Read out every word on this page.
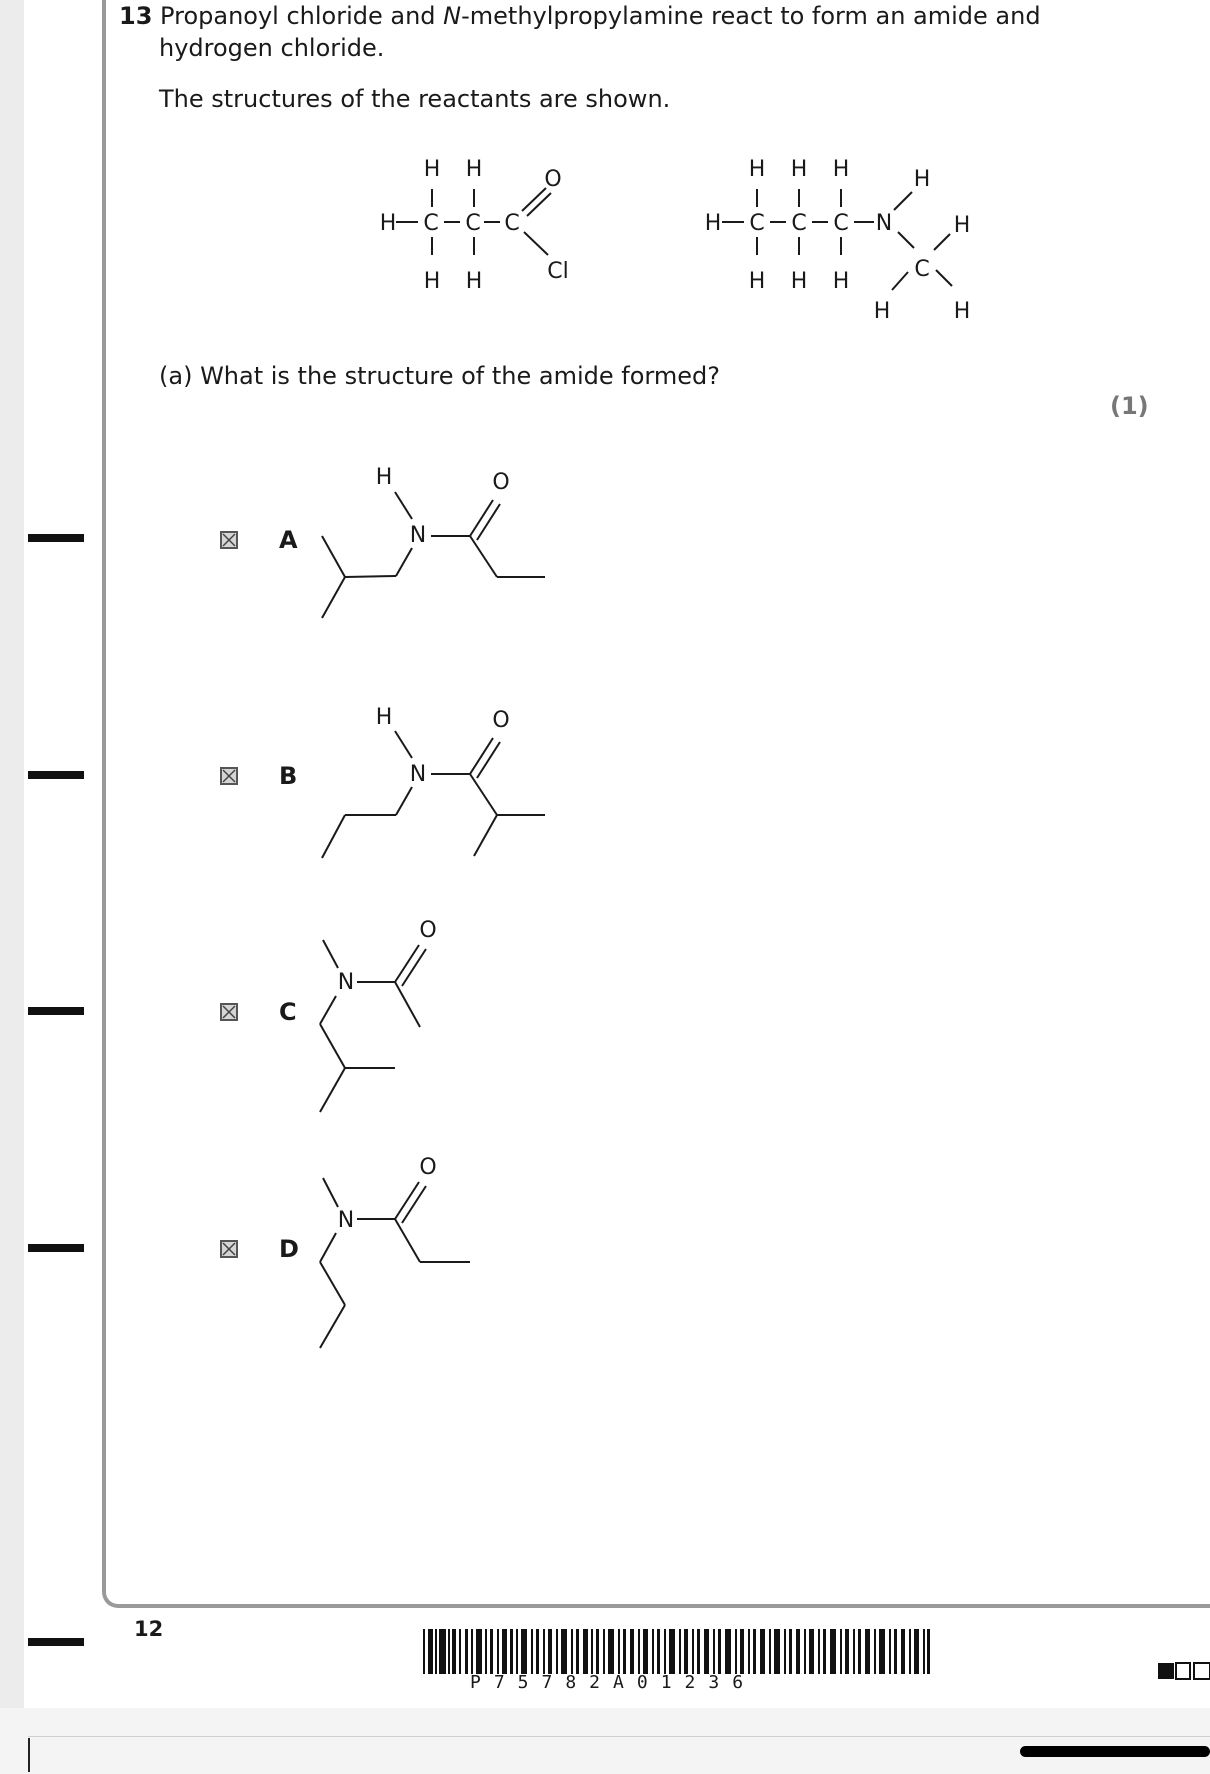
13 Propanoyl chloride and N-methylpropylamine react to form an amide and
hydrogen chloride.
The structures of the reactants are shown.
(a) What is the structure of the amide formed?
(1)
H H
H C C C
H H
O
Cl
H H H
H C C C N
H H H
H
H
C
H
H
H
N
O
H
N
O
N
O
N
O
A
B
C
D
12
P75782A01236
